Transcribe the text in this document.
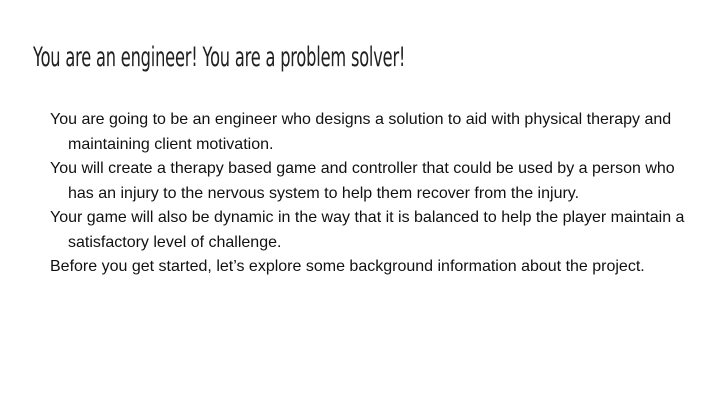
You are an engineer! You are a problem solver!
You are going to be an engineer who designs a solution to aid with physical therapy and maintaining client motivation.
You will create a therapy based game and controller that could be used by a person who has an injury to the nervous system to help them recover from the injury.
Your game will also be dynamic in the way that it is balanced to help the player maintain a satisfactory level of challenge.
Before you get started, let’s explore some background information about the project.
